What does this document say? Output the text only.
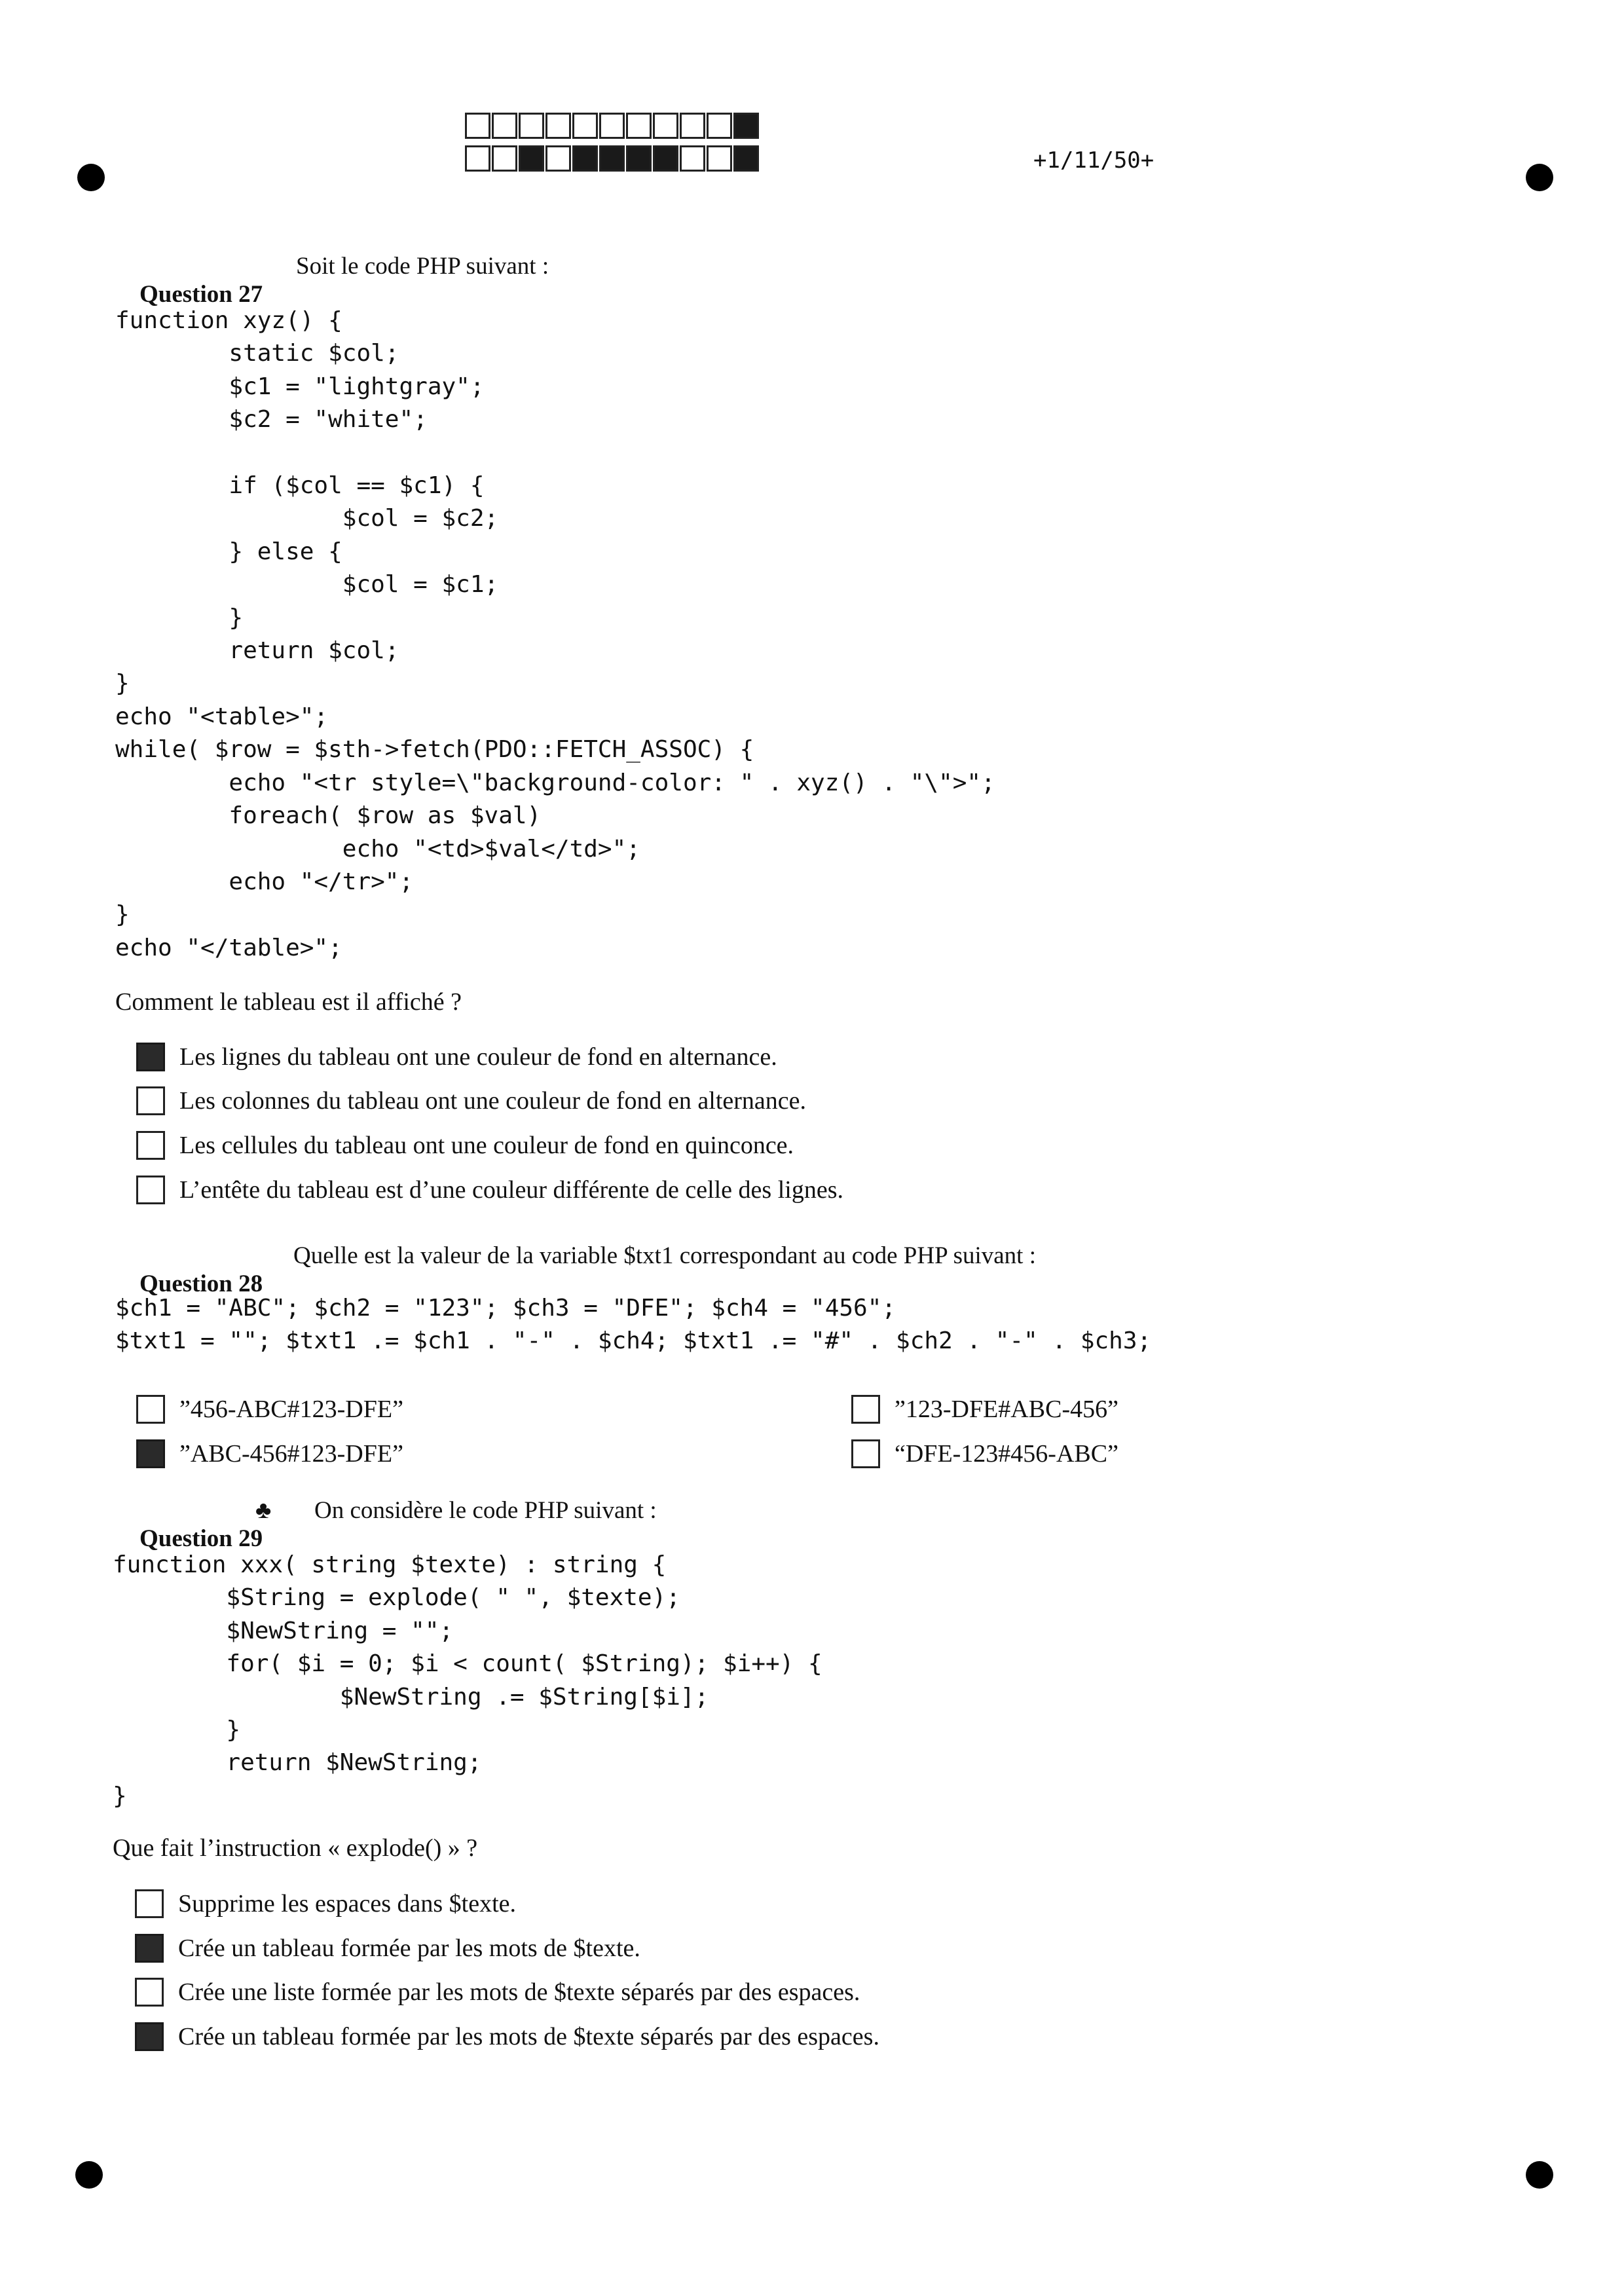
+1/11/50+

Question 27

Soit le code PHP suivant :

function xyz() {
static $col;
$c1 = "lightgray";
$c2 = "white";

if ($col == $c1) {
$col = $c2;
} else {
$col = $c1;
}
return $col;
}
echo "<table>";
while( $row = $sth->fetch(PDO::FETCH_ASSOC) {
echo "<tr style=\"background-color: " . xyz() . "\">";
foreach( $row as $val)
echo "<td>$val</td>";
echo "</tr>";
}
echo "</table>";
Comment le tableau est il affiché ?
Les lignes du tableau ont une couleur de fond en alternance.
Les colonnes du tableau ont une couleur de fond en alternance.
Les cellules du tableau ont une couleur de fond en quinconce.
L’entête du tableau est d’une couleur différente de celle des lignes.

Question 28

Quelle est la valeur de la variable $txt1 correspondant au code PHP suivant :

$ch1 = "ABC"; $ch2 = "123"; $ch3 = "DFE"; $ch4 = "456";
$txt1 = ""; $txt1 .= $ch1 . "-" . $ch4; $txt1 .= "#" . $ch2 . "-" . $ch3;
”456-ABC#123-DFE”
”ABC-456#123-DFE”
”123-DFE#ABC-456”
“DFE-123#456-ABC”

Question 29

♣

On considère le code PHP suivant :

function xxx( string $texte) : string {
$String = explode( " ", $texte);
$NewString = "";
for( $i = 0; $i < count( $String); $i++) {
$NewString .= $String[$i];
}
return $NewString;
}
Que fait l’instruction « explode() » ?
Supprime les espaces dans $texte.
Crée un tableau formée par les mots de $texte.
Crée une liste formée par les mots de $texte séparés par des espaces.
Crée un tableau formée par les mots de $texte séparés par des espaces.
